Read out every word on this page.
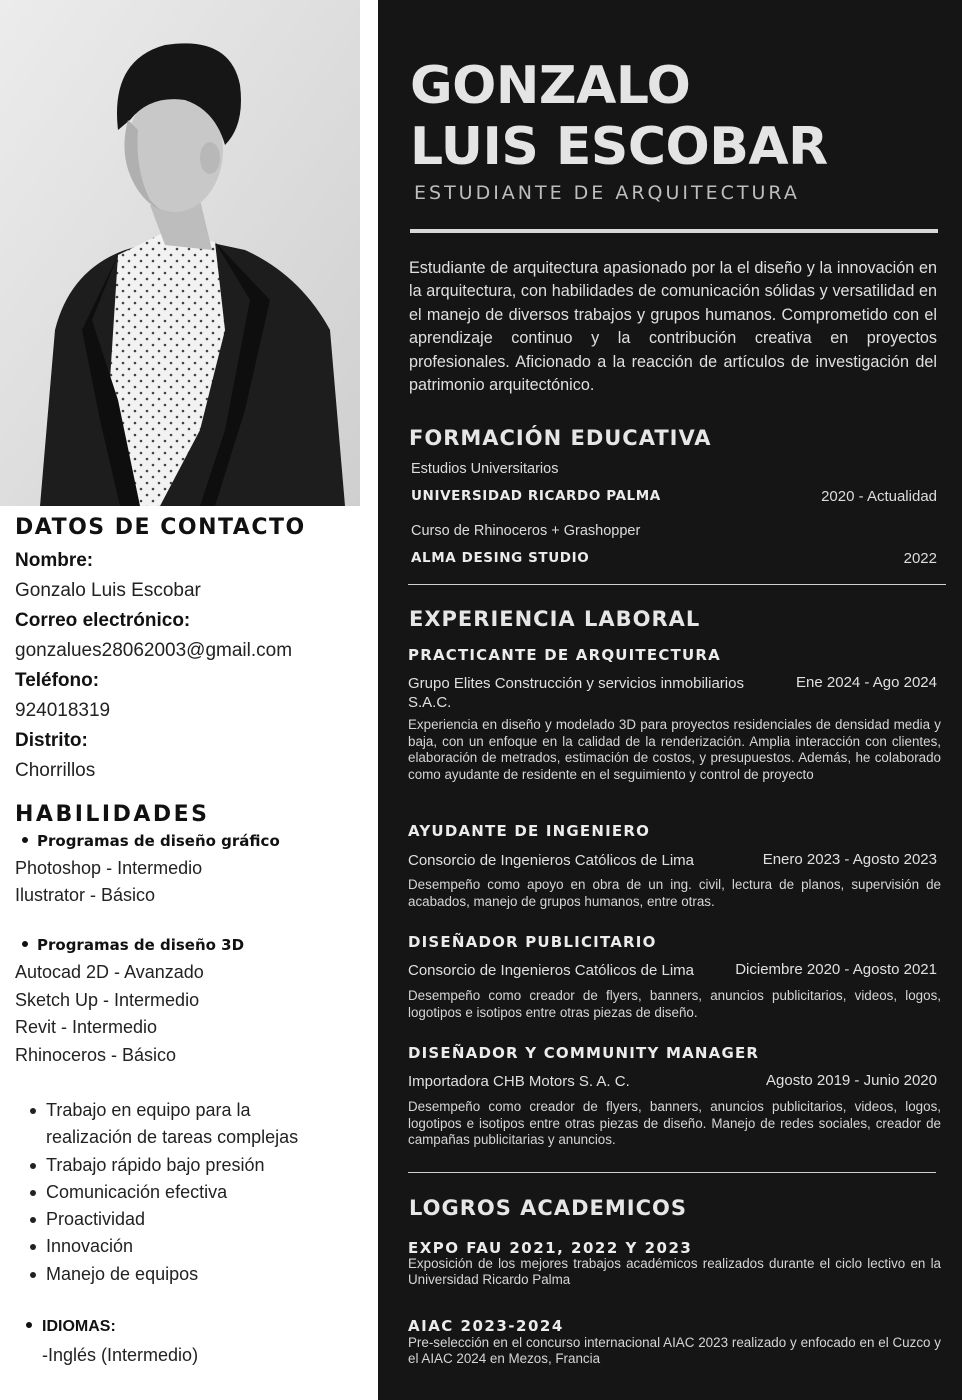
DATOS DE CONTACTO
Nombre:
Gonzalo Luis Escobar
Correo electrónico:
gonzalues28062003@gmail.com
Teléfono:
924018319
Distrito:
Chorrillos
HABILIDADES
Programas de diseño gráfico
Photoshop - Intermedio
Ilustrator - Básico
Programas de diseño 3D
Autocad 2D - Avanzado
Sketch Up - Intermedio
Revit - Intermedio
Rhinoceros - Básico
Trabajo en equipo para la
realización de tareas complejas
Trabajo rápido bajo presión
Comunicación efectiva
Proactividad
Innovación
Manejo de equipos
IDIOMAS:
-Inglés (Intermedio)
GONZALO
LUIS ESCOBAR
ESTUDIANTE DE ARQUITECTURA
Estudiante de arquitectura apasionado por la el diseño y la innovación en la arquitectura, con habilidades de comunicación sólidas y versatilidad en el manejo de diversos trabajos y grupos humanos. Comprometido con el aprendizaje continuo y la contribución creativa en proyectos profesionales. Aficionado a la reacción de artículos de investigación del patrimonio arquitectónico.
FORMACIÓN EDUCATIVA
Estudios Universitarios
UNIVERSIDAD RICARDO PALMA	2020 - Actualidad
Curso de Rhinoceros + Grashopper
ALMA DESING STUDIO	2022
EXPERIENCIA LABORAL
PRACTICANTE DE ARQUITECTURA
Grupo Elites Construcción y servicios inmobiliarios S.A.C.
Ene 2024 - Ago 2024
Experiencia en diseño y modelado 3D para proyectos residenciales de densidad media y baja, con un enfoque en la calidad de la renderización. Amplia interacción con clientes, elaboración de metrados, estimación de costos, y presupuestos. Además, he colaborado como ayudante de residente en el seguimiento y control de proyecto
AYUDANTE DE INGENIERO
Consorcio de Ingenieros Católicos de Lima	Enero 2023 - Agosto 2023
Desempeño como apoyo en obra de un ing. civil, lectura de planos, supervisión de acabados, manejo de grupos humanos, entre otras.
DISEÑADOR PUBLICITARIO
Consorcio de Ingenieros Católicos de Lima	Diciembre 2020 - Agosto 2021
Desempeño como creador de flyers, banners, anuncios publicitarios, videos, logos, logotipos e isotipos entre otras piezas de diseño.
DISEÑADOR Y COMMUNITY MANAGER
Importadora CHB Motors S. A. C.	Agosto 2019 - Junio 2020
Desempeño como creador de flyers, banners, anuncios publicitarios, videos, logos, logotipos e isotipos entre otras piezas de diseño. Manejo de redes sociales, creador de campañas publicitarias y anuncios.
LOGROS ACADEMICOS
EXPO FAU 2021, 2022 Y 2023
Exposición de los mejores trabajos académicos realizados durante el ciclo lectivo en la Universidad Ricardo Palma
AIAC 2023-2024
Pre-selección en el concurso internacional AIAC 2023 realizado y enfocado en el Cuzco y el AIAC 2024 en Mezos, Francia
